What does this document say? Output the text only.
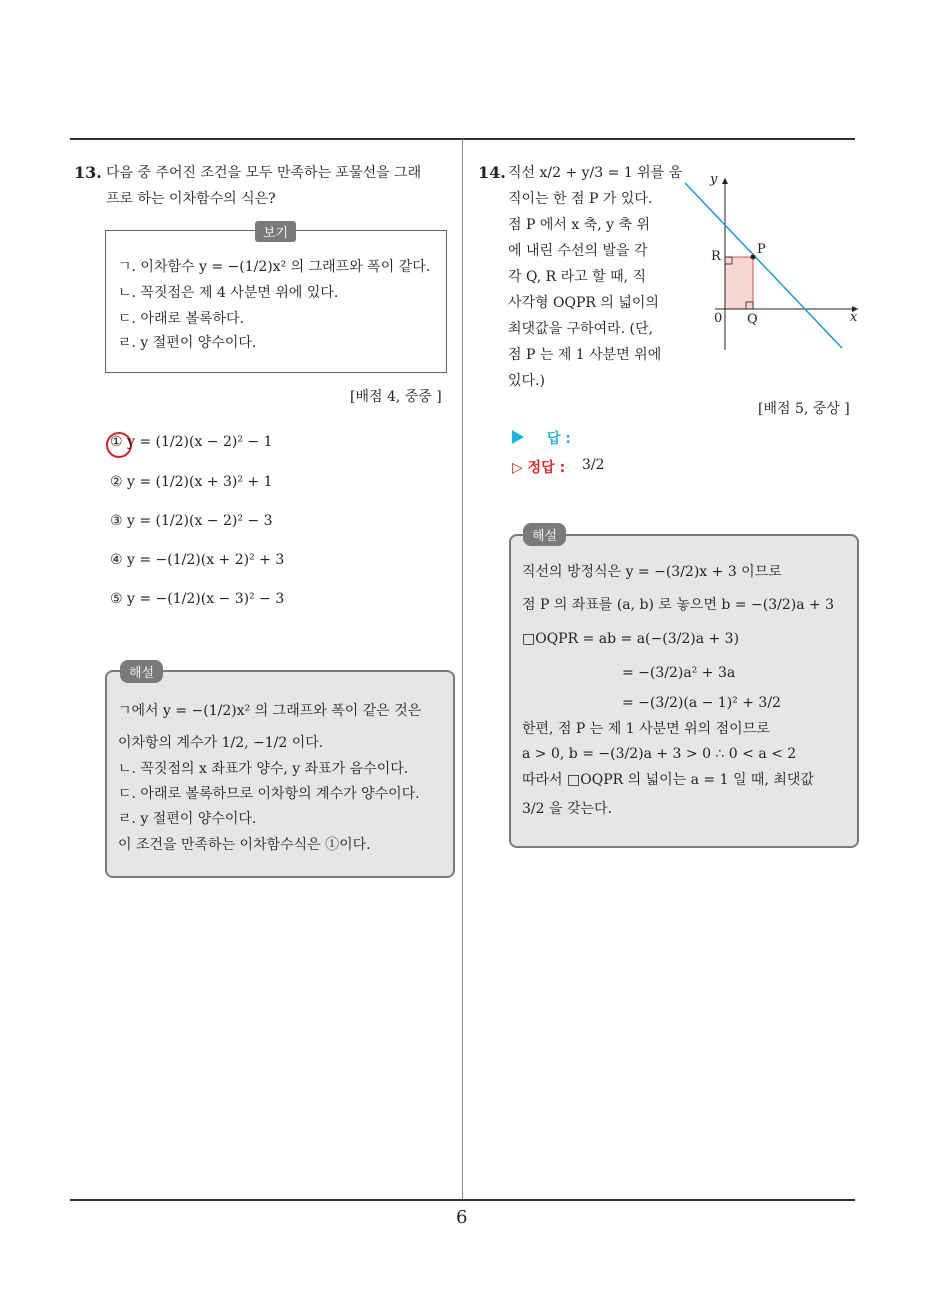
13. 다음 중 주어진 조건을 모두 만족하는 포물선을 그래
프로 하는 이차함수의 식은?
보기
ㄱ. 이차함수 y = −(1/2)x² 의 그래프와 폭이 같다.
ㄴ. 꼭짓점은 제 4 사분면 위에 있다.
ㄷ. 아래로 볼록하다.
ㄹ. y 절편이 양수이다.
[배점 4, 중중 ]
① y = (1/2)(x − 2)² − 1
② y = (1/2)(x + 3)² + 1
③ y = (1/2)(x − 2)² − 3
④ y = −(1/2)(x + 2)² + 3
⑤ y = −(1/2)(x − 3)² − 3
해설
ㄱ에서 y = −(1/2)x² 의 그래프와 폭이 같은 것은
이차항의 계수가 1/2, −1/2 이다.
ㄴ. 꼭짓점의 x 좌표가 양수, y 좌표가 음수이다.
ㄷ. 아래로 볼록하므로 이차항의 계수가 양수이다.
ㄹ. y 절편이 양수이다.
이 조건을 만족하는 이차함수식은 ①이다.
14. 직선 x/2 + y/3 = 1 위를 움
직이는 한 점 P 가 있다.
점 P 에서 x 축, y 축 위
에 내린 수선의 발을 각
각 Q, R 라고 할 때, 직
사각형 OQPR 의 넓이의
최댓값을 구하여라. (단,
점 P 는 제 1 사분면 위에
있다.)
y
x
0
P
R
Q
[배점 5, 중상 ]
답 :
▷ 정답 : 3/2
해설
직선의 방정식은 y = −(3/2)x + 3 이므로
점 P 의 좌표를 (a, b) 로 놓으면 b = −(3/2)a + 3
□OQPR = ab = a(−(3/2)a + 3)
= −(3/2)a² + 3a
= −(3/2)(a − 1)² + 3/2
한편, 점 P 는 제 1 사분면 위의 점이므로
a > 0, b = −(3/2)a + 3 > 0 ∴ 0 < a < 2
따라서 □OQPR 의 넓이는 a = 1 일 때, 최댓값
3/2 을 갖는다.
6
